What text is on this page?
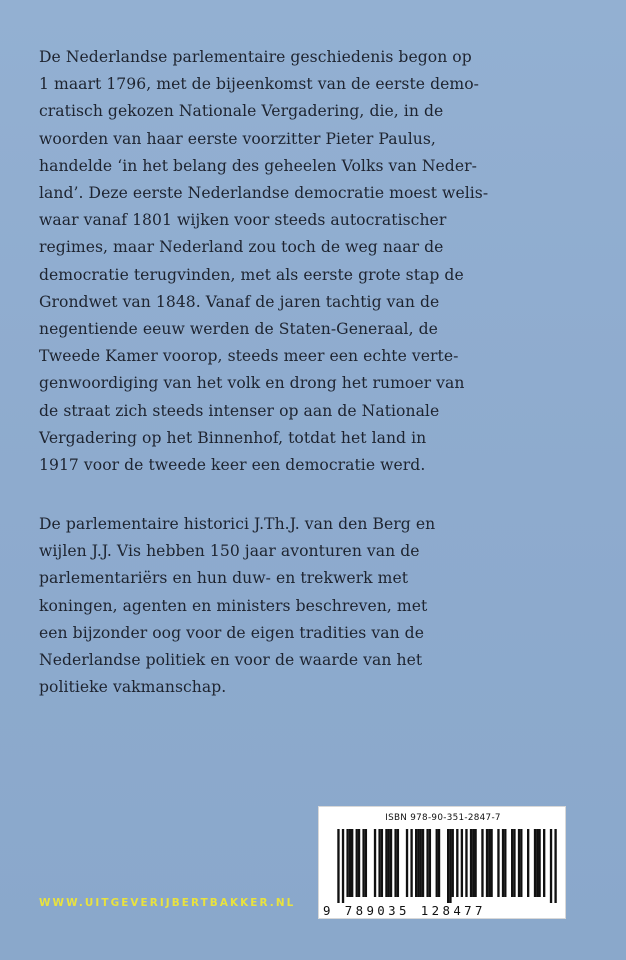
De Nederlandse parlementaire geschiedenis begon op
1 maart 1796, met de bijeenkomst van de eerste demo-
cratisch gekozen Nationale Vergadering, die, in de
woorden van haar eerste voorzitter Pieter Paulus,
handelde ‘in het belang des geheelen Volks van Neder-
land’. Deze eerste Nederlandse democratie moest welis-
waar vanaf 1801 wijken voor steeds autocratischer
regimes, maar Nederland zou toch de weg naar de
democratie terugvinden, met als eerste grote stap de
Grondwet van 1848. Vanaf de jaren tachtig van de
negentiende eeuw werden de Staten-Generaal, de
Tweede Kamer voorop, steeds meer een echte verte-
genwoordiging van het volk en drong het rumoer van
de straat zich steeds intenser op aan de Nationale
Vergadering op het Binnenhof, totdat het land in
1917 voor de tweede keer een democratie werd.

De parlementaire historici J.Th.J. van den Berg en
wijlen J.J. Vis hebben 150 jaar avonturen van de
parlementariërs en hun duw- en trekwerk met
koningen, agenten en ministers beschreven, met
een bijzonder oog voor de eigen tradities van de
Nederlandse politiek en voor de waarde van het
politieke vakmanschap.

WWW.UITGEVERIJBERTBAKKER.NL
ISBN 978-90-351-2847-7
9 789035 128477
